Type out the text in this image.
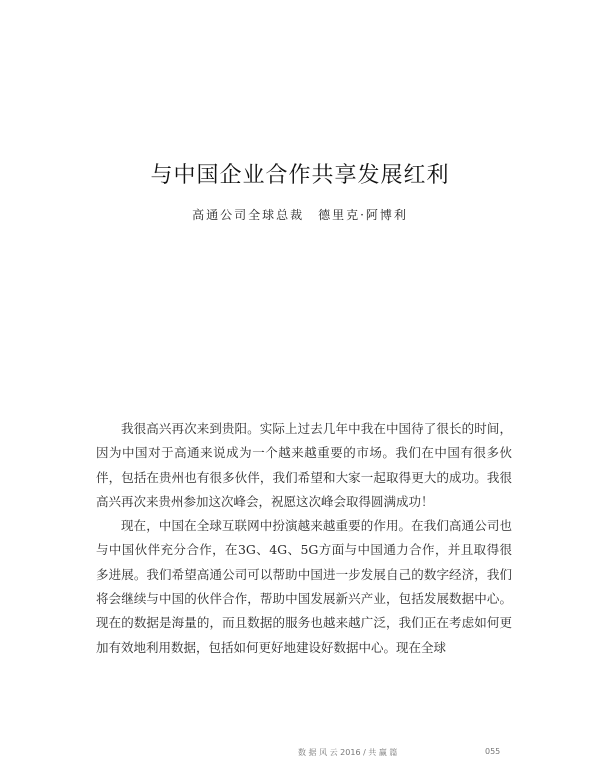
与中国企业合作共享发展红利
高通公司全球总裁　德里克·阿博利

我很高兴再次来到贵阳。实际上过去几年中我在中国待了很长的时间，因为中国对于高通来说成为一个越来越重要的市场。我们在中国有很多伙伴，包括在贵州也有很多伙伴，我们希望和大家一起取得更大的成功。我很高兴再次来贵州参加这次峰会，祝愿这次峰会取得圆满成功！

现在，中国在全球互联网中扮演越来越重要的作用。在我们高通公司也与中国伙伴充分合作，在3G、4G、5G方面与中国通力合作，并且取得很多进展。我们希望高通公司可以帮助中国进一步发展自己的数字经济，我们将会继续与中国的伙伴合作，帮助中国发展新兴产业，包括发展数据中心。现在的数据是海量的，而且数据的服务也越来越广泛，我们正在考虑如何更加有效地利用数据，包括如何更好地建设好数据中心。现在全球

数 据 风 云 2016 / 共 赢 篇	055
